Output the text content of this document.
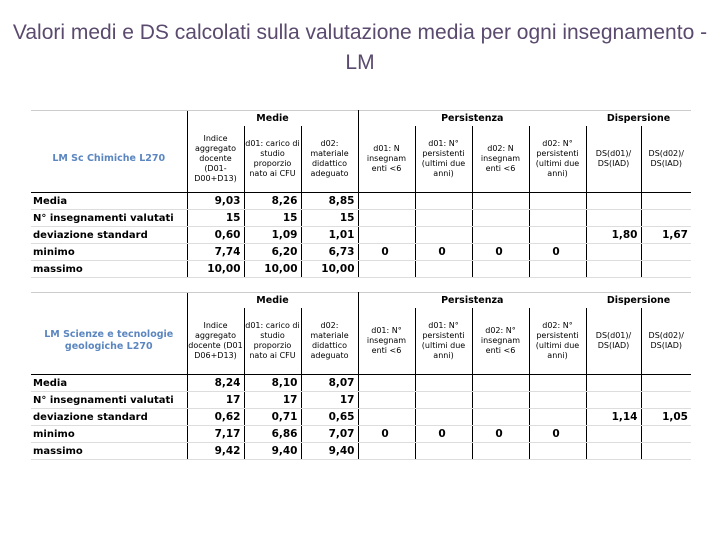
Valori medi e DS calcolati sulla valutazione media per ogni insegnamento - LM
	Medie			Persistenza				Dispersione	
LM Sc Chimiche L270	Indice aggregato docente (D01-D00+D13)	d01: carico di studio proporzio nato ai CFU	d02: materiale didattico adeguato	d01: N insegnam enti <6	d01: N° persistenti (ultimi due anni)	d02: N insegnam enti <6	d02: N° persistenti (ultimi due anni)	DS(d01)/ DS(IAD)	DS(d02)/ DS(IAD)
Media	9,03	8,26	8,85						
N° insegnamenti valutati	15	15	15						
deviazione standard	0,60	1,09	1,01					1,80	1,67
minimo	7,74	6,20	6,73	0	0	0	0		
massimo	10,00	10,00	10,00						
	Medie			Persistenza				Dispersione	
LM Scienze e tecnologie geologiche L270	Indice aggregato docente (D01 D06+D13)	d01: carico di studio proporzio nato ai CFU	d02: materiale didattico adeguato	d01: N° insegnam enti <6	d01: N° persistenti (ultimi due anni)	d02: N° insegnam enti <6	d02: N° persistenti (ultimi due anni)	DS(d01)/ DS(IAD)	DS(d02)/ DS(IAD)
Media	8,24	8,10	8,07						
N° insegnamenti valutati	17	17	17						
deviazione standard	0,62	0,71	0,65					1,14	1,05
minimo	7,17	6,86	7,07	0	0	0	0		
massimo	9,42	9,40	9,40						
